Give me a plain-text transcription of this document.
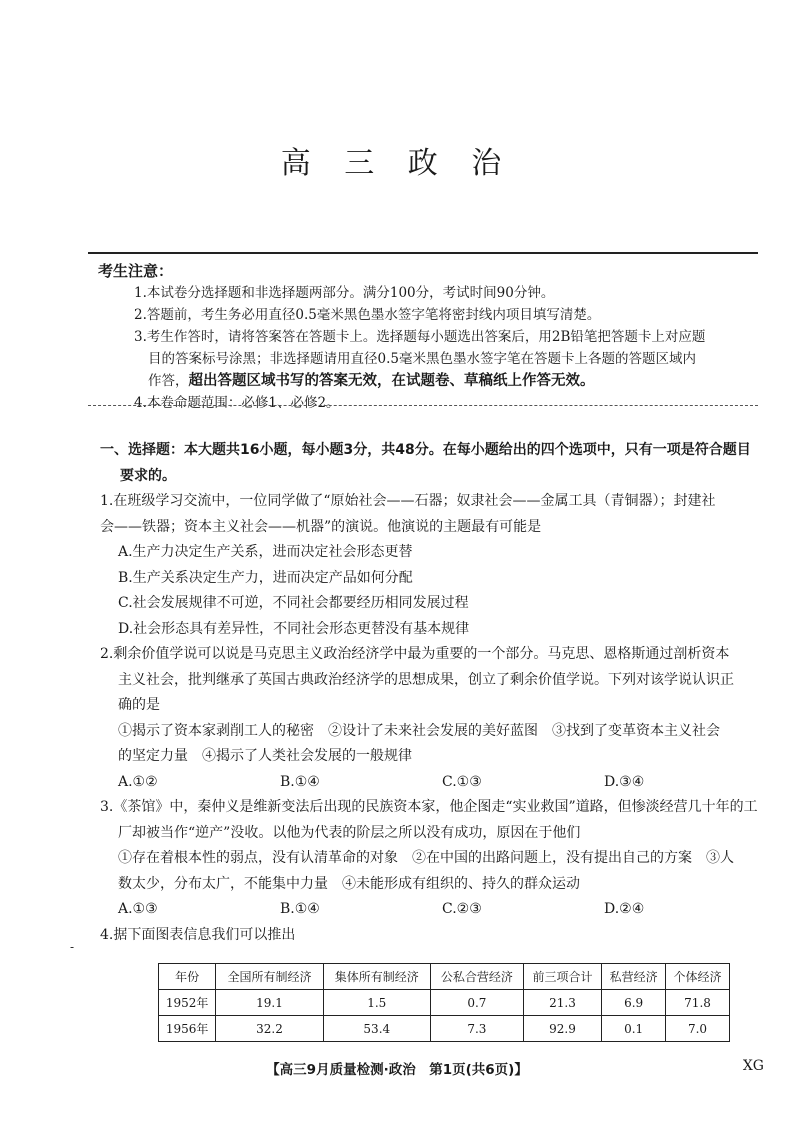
高 三 政 治
考生注意：
1.本试卷分选择题和非选择题两部分。满分100分，考试时间90分钟。
2.答题前，考生务必用直径0.5毫米黑色墨水签字笔将密封线内项目填写清楚。
3.考生作答时，请将答案答在答题卡上。选择题每小题选出答案后，用2B铅笔把答题卡上对应题
目的答案标号涂黑；非选择题请用直径0.5毫米黑色墨水签字笔在答题卡上各题的答题区域内
作答，超出答题区域书写的答案无效，在试题卷、草稿纸上作答无效。
4.本卷命题范围：必修1、必修2。
一、选择题：本大题共16小题，每小题3分，共48分。在每小题给出的四个选项中，只有一项是符合题目
要求的。
1.在班级学习交流中，一位同学做了“原始社会——石器；奴隶社会——金属工具（青铜器）；封建社
会——铁器；资本主义社会——机器”的演说。他演说的主题最有可能是
A.生产力决定生产关系，进而决定社会形态更替
B.生产关系决定生产力，进而决定产品如何分配
C.社会发展规律不可逆，不同社会都要经历相同发展过程
D.社会形态具有差异性，不同社会形态更替没有基本规律
2.剩余价值学说可以说是马克思主义政治经济学中最为重要的一个部分。马克思、恩格斯通过剖析资本
主义社会，批判继承了英国古典政治经济学的思想成果，创立了剩余价值学说。下列对该学说认识正
确的是
①揭示了资本家剥削工人的秘密　②设计了未来社会发展的美好蓝图　③找到了变革资本主义社会
的坚定力量　④揭示了人类社会发展的一般规律
A.①②	B.①④	C.①③	D.③④
3.《茶馆》中，秦仲义是维新变法后出现的民族资本家，他企图走“实业救国”道路，但惨淡经营几十年的工
厂却被当作“逆产”没收。以他为代表的阶层之所以没有成功，原因在于他们
①存在着根本性的弱点，没有认清革命的对象　②在中国的出路问题上，没有提出自己的方案　③人
数太少，分布太广，不能集中力量　④未能形成有组织的、持久的群众运动
A.①③	B.①④	C.②③	D.②④
4.据下面图表信息我们可以推出
-
年份	全国所有制经济	集体所有制经济	公私合营经济	前三项合计	私营经济	个体经济
1952年	19.1	1.5	0.7	21.3	6.9	71.8
1956年	32.2	53.4	7.3	92.9	0.1	7.0
【高三9月质量检测·政治　第1页(共6页)】	XG
